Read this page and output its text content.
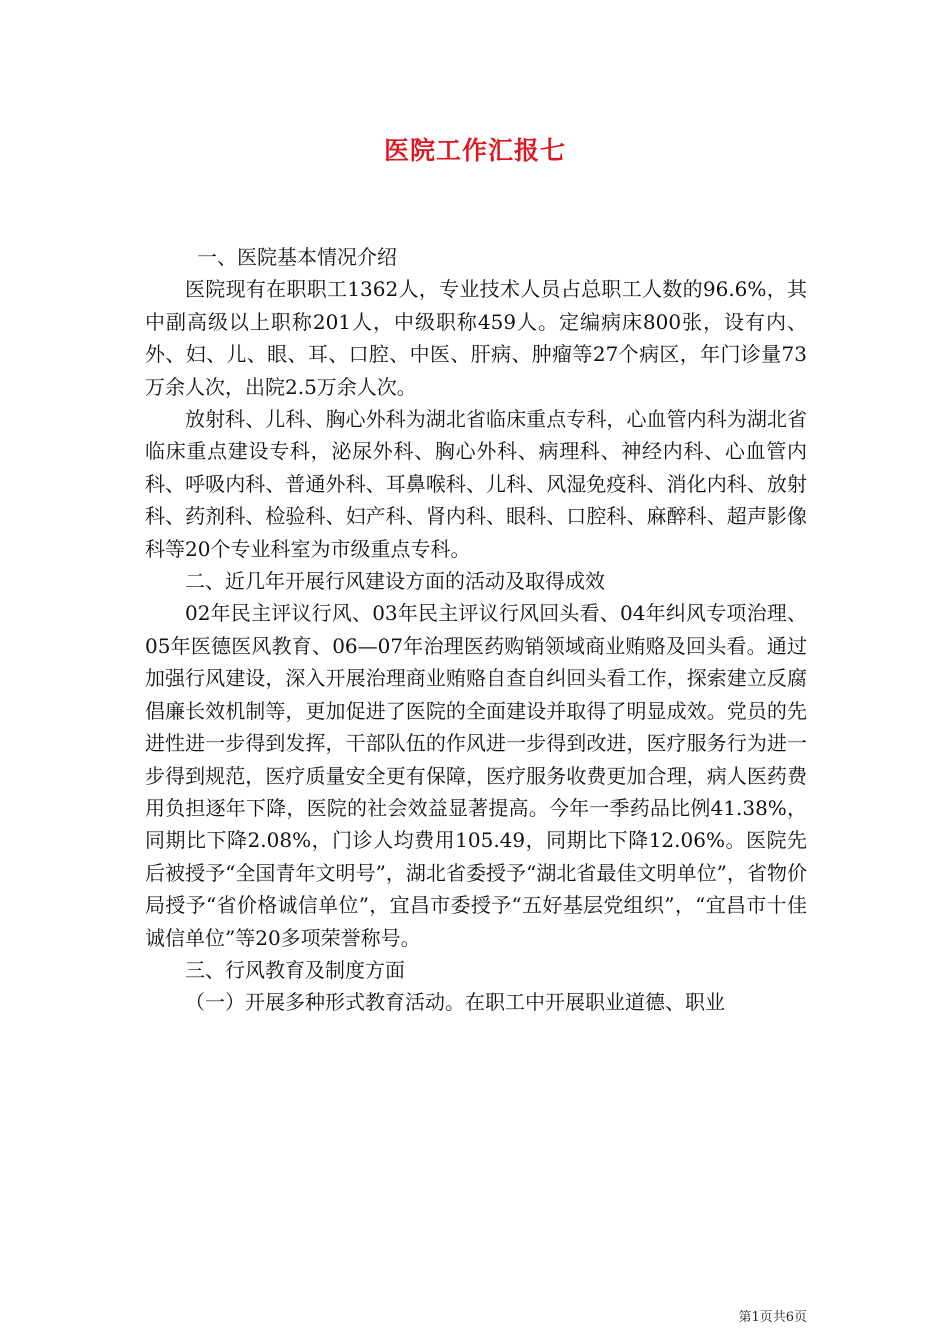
医院工作汇报七

一、医院基本情况介绍

医院现有在职职工1362人，专业技术人员占总职工人数的96.6%，其中副高级以上职称201人，中级职称459人。定编病床800张，设有内、外、妇、儿、眼、耳、口腔、中医、肝病、肿瘤等27个病区，年门诊量73万余人次，出院2.5万余人次。

放射科、儿科、胸心外科为湖北省临床重点专科，心血管内科为湖北省临床重点建设专科，泌尿外科、胸心外科、病理科、神经内科、心血管内科、呼吸内科、普通外科、耳鼻喉科、儿科、风湿免疫科、消化内科、放射科、药剂科、检验科、妇产科、肾内科、眼科、口腔科、麻醉科、超声影像科等20个专业科室为市级重点专科。

二、近几年开展行风建设方面的活动及取得成效

02年民主评议行风、03年民主评议行风回头看、04年纠风专项治理、05年医德医风教育、06—07年治理医药购销领域商业贿赂及回头看。通过加强行风建设，深入开展治理商业贿赂自查自纠回头看工作，探索建立反腐倡廉长效机制等，更加促进了医院的全面建设并取得了明显成效。党员的先进性进一步得到发挥，干部队伍的作风进一步得到改进，医疗服务行为进一步得到规范，医疗质量安全更有保障，医疗服务收费更加合理，病人医药费用负担逐年下降，医院的社会效益显著提高。今年一季药品比例41.38%，同期比下降2.08%，门诊人均费用105.49，同期比下降12.06%。医院先后被授予“全国青年文明号”，湖北省委授予“湖北省最佳文明单位”，省物价局授予“省价格诚信单位”，宜昌市委授予“五好基层党组织”，“宜昌市十佳诚信单位”等20多项荣誉称号。

三、行风教育及制度方面

（一）开展多种形式教育活动。在职工中开展职业道德、职业

第1页共6页
